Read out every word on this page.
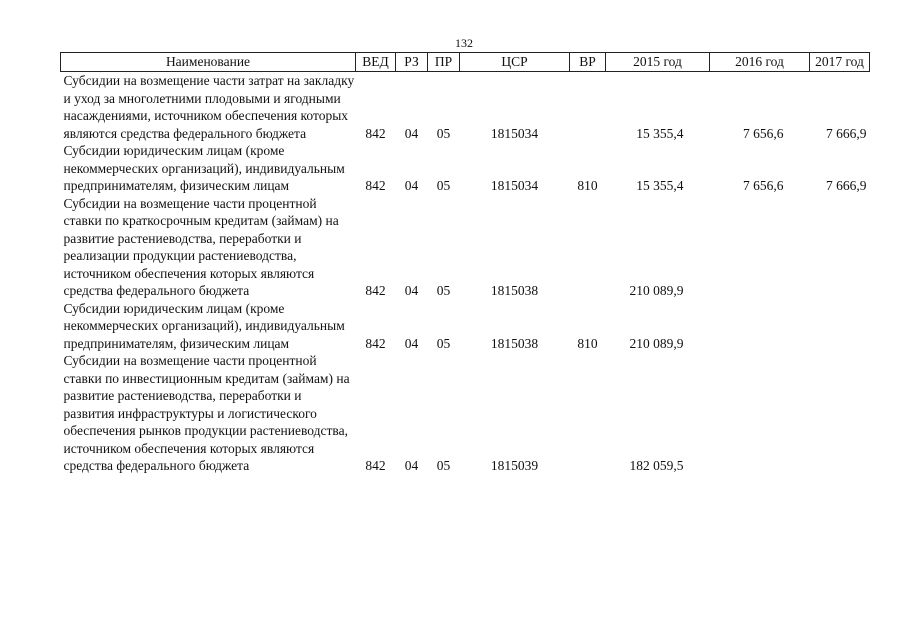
132
Наименование	ВЕД	РЗ	ПР	ЦСР	ВР	2015 год	2016 год	2017 год
Субсидии на возмещение части затрат на закладку и уход за многолетними плодовыми и ягодными насаждениями, источником обеспечения которых являются средства федерального бюджета	842	04	05	1815034		15 355,4	7 656,6	7 666,9
Субсидии юридическим лицам (кроме некоммерческих организаций), индивидуальным предпринимателям, физическим лицам	842	04	05	1815034	810	15 355,4	7 656,6	7 666,9
Субсидии на возмещение части процентной ставки по краткосрочным кредитам (займам) на развитие растениеводства, переработки и реализации продукции растениеводства, источником обеспечения которых являются средства федерального бюджета	842	04	05	1815038		210 089,9		
Субсидии юридическим лицам (кроме некоммерческих организаций), индивидуальным предпринимателям, физическим лицам	842	04	05	1815038	810	210 089,9		
Субсидии на возмещение части процентной ставки по инвестиционным кредитам (займам) на развитие растениеводства, переработки и развития инфраструктуры и логистического обеспечения рынков продукции растениеводства, источником обеспечения которых являются средства федерального бюджета	842	04	05	1815039		182 059,5		
